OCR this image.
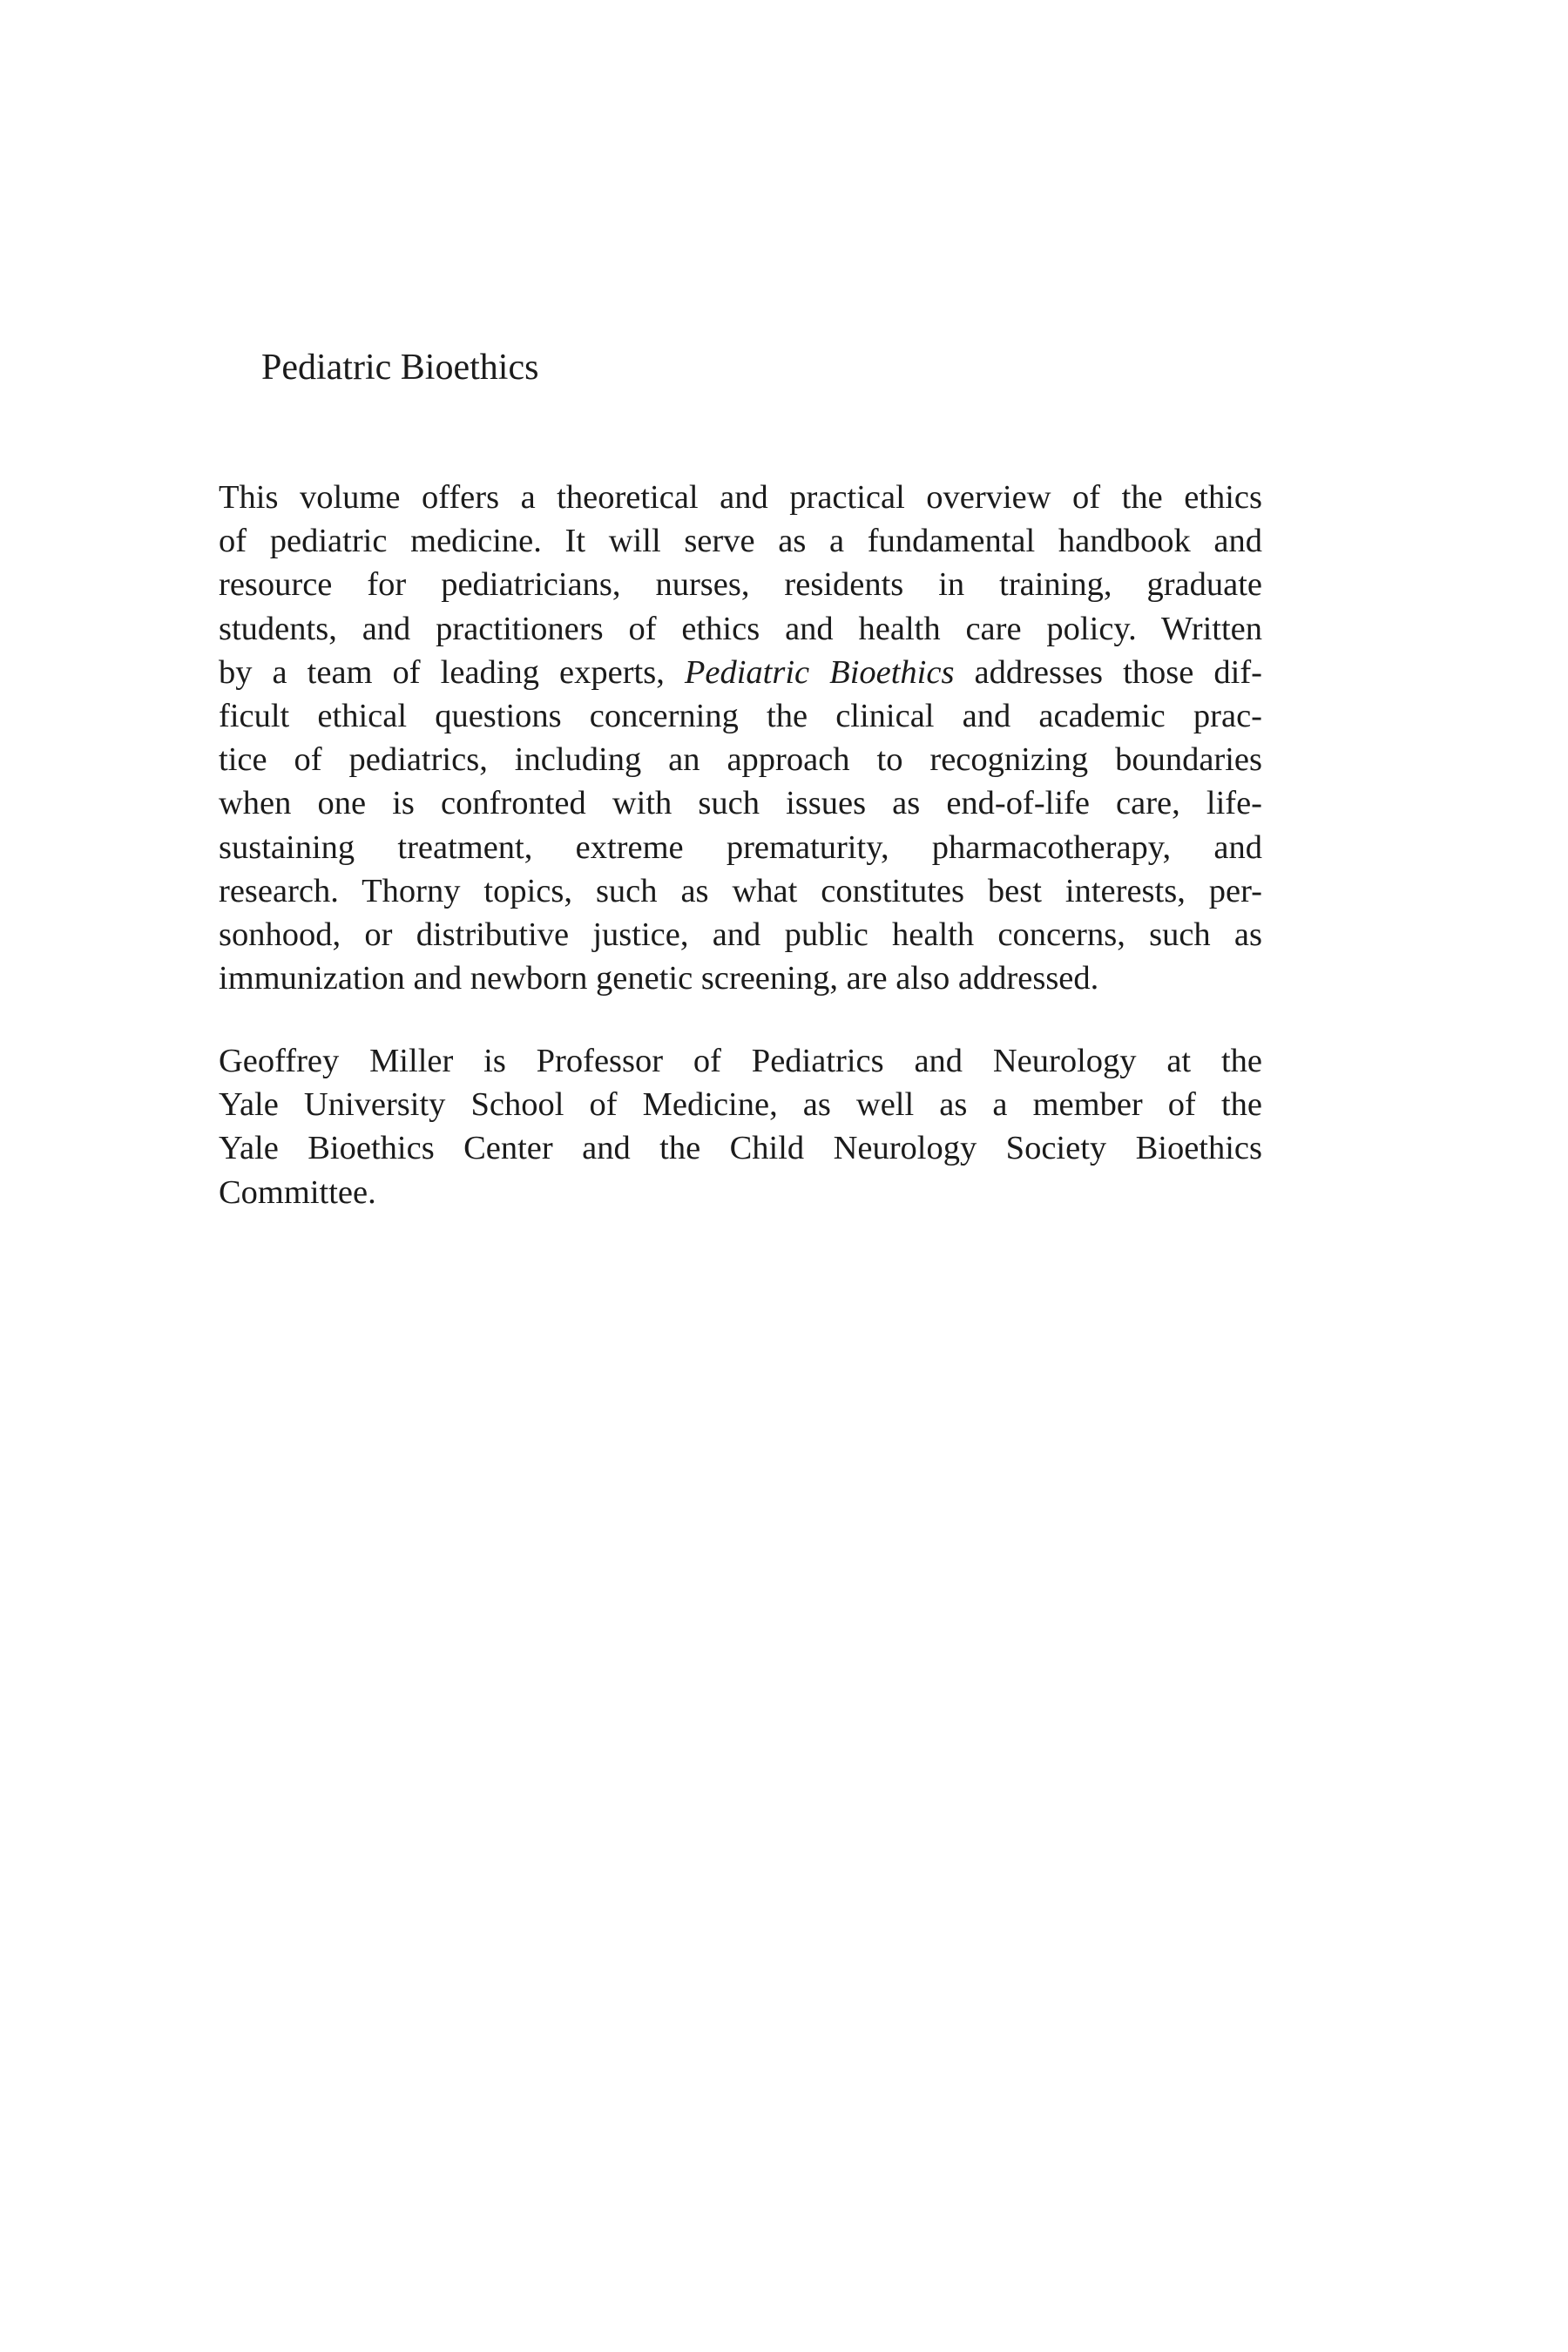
Pediatric Bioethics
This volume offers a theoretical and practical overview of the ethics
of pediatric medicine. It will serve as a fundamental handbook and
resource for pediatricians, nurses, residents in training, graduate
students, and practitioners of ethics and health care policy. Written
by a team of leading experts, Pediatric Bioethics addresses those dif-
ficult ethical questions concerning the clinical and academic prac-
tice of pediatrics, including an approach to recognizing boundaries
when one is confronted with such issues as end-of-life care, life-
sustaining treatment, extreme prematurity, pharmacotherapy, and
research. Thorny topics, such as what constitutes best interests, per-
sonhood, or distributive justice, and public health concerns, such as
immunization and newborn genetic screening, are also addressed.
Geoffrey Miller is Professor of Pediatrics and Neurology at the
Yale University School of Medicine, as well as a member of the
Yale Bioethics Center and the Child Neurology Society Bioethics
Committee.
